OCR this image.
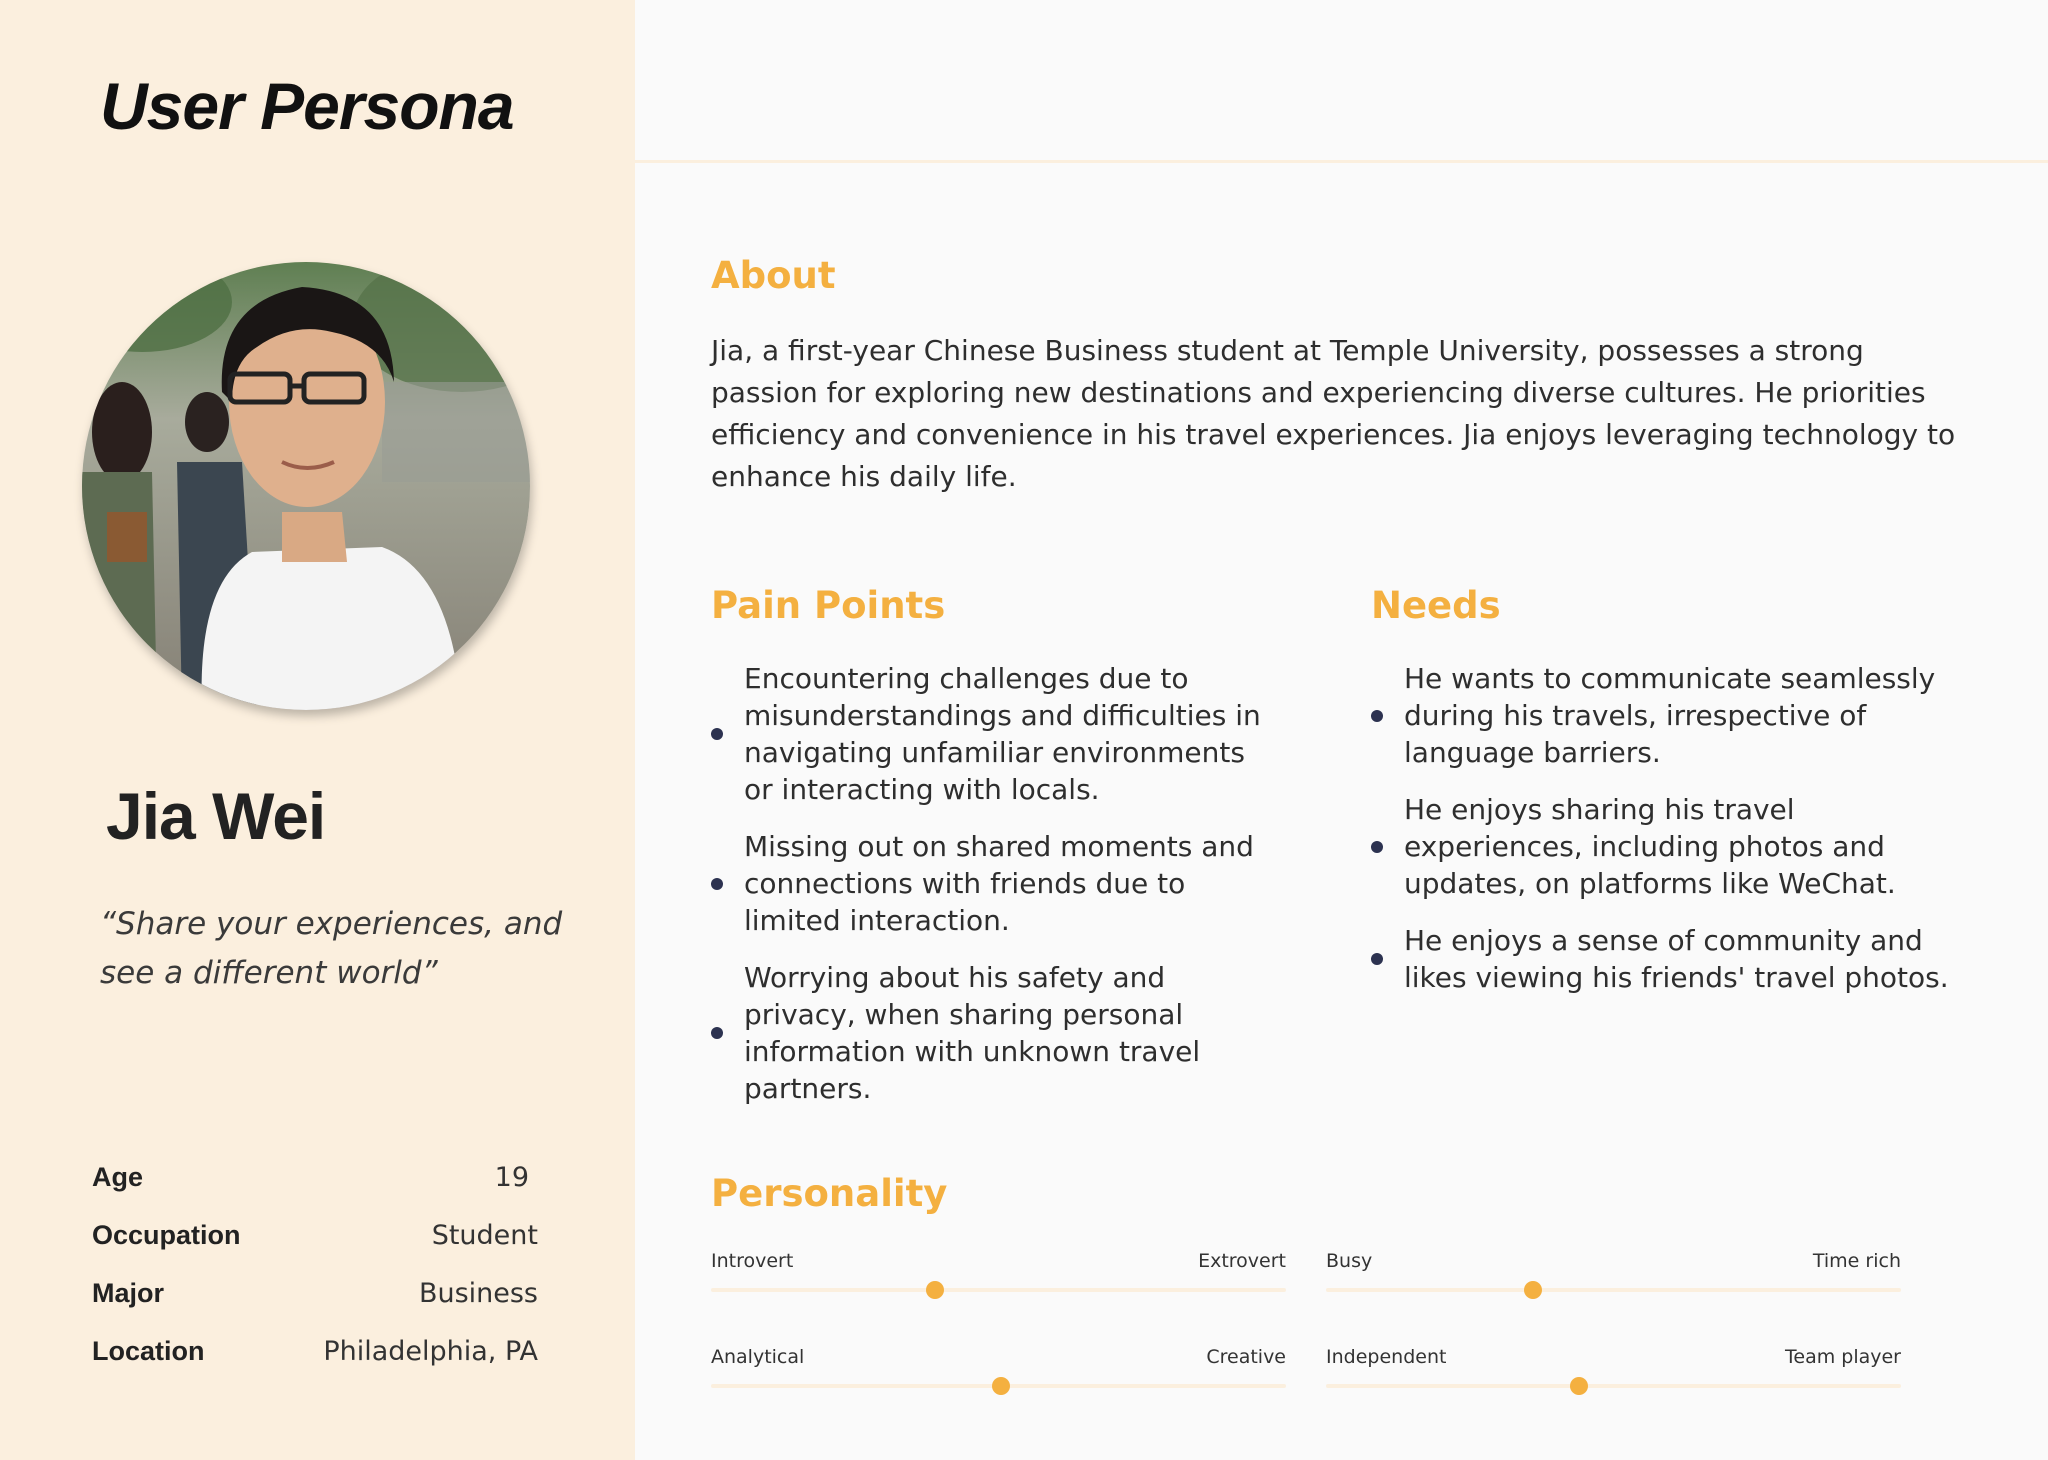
User Persona
Jia Wei

“Share your experiences, and see a different world”

Age	19
Occupation	Student
Major	Business
Location	Philadelphia, PA
About

Jia, a first-year Chinese Business student at Temple University, possesses a strong passion for exploring new destinations and experiencing diverse cultures. He priorities efficiency and convenience in his travel experiences. Jia enjoys leveraging technology to enhance his daily life.

Pain Points
Encountering challenges due to misunderstandings and difficulties in navigating unfamiliar environments or interacting with locals.
Missing out on shared moments and connections with friends due to limited interaction.
Worrying about his safety and privacy, when sharing personal information with unknown travel partners.
Needs
He wants to communicate seamlessly during his travels, irrespective of language barriers.
He enjoys sharing his travel experiences, including photos and updates, on platforms like WeChat.
He enjoys a sense of community and likes viewing his friends' travel photos.
Personality
Introvert	Extrovert Busy	Time rich
Analytical	Creative Independent	Team player
